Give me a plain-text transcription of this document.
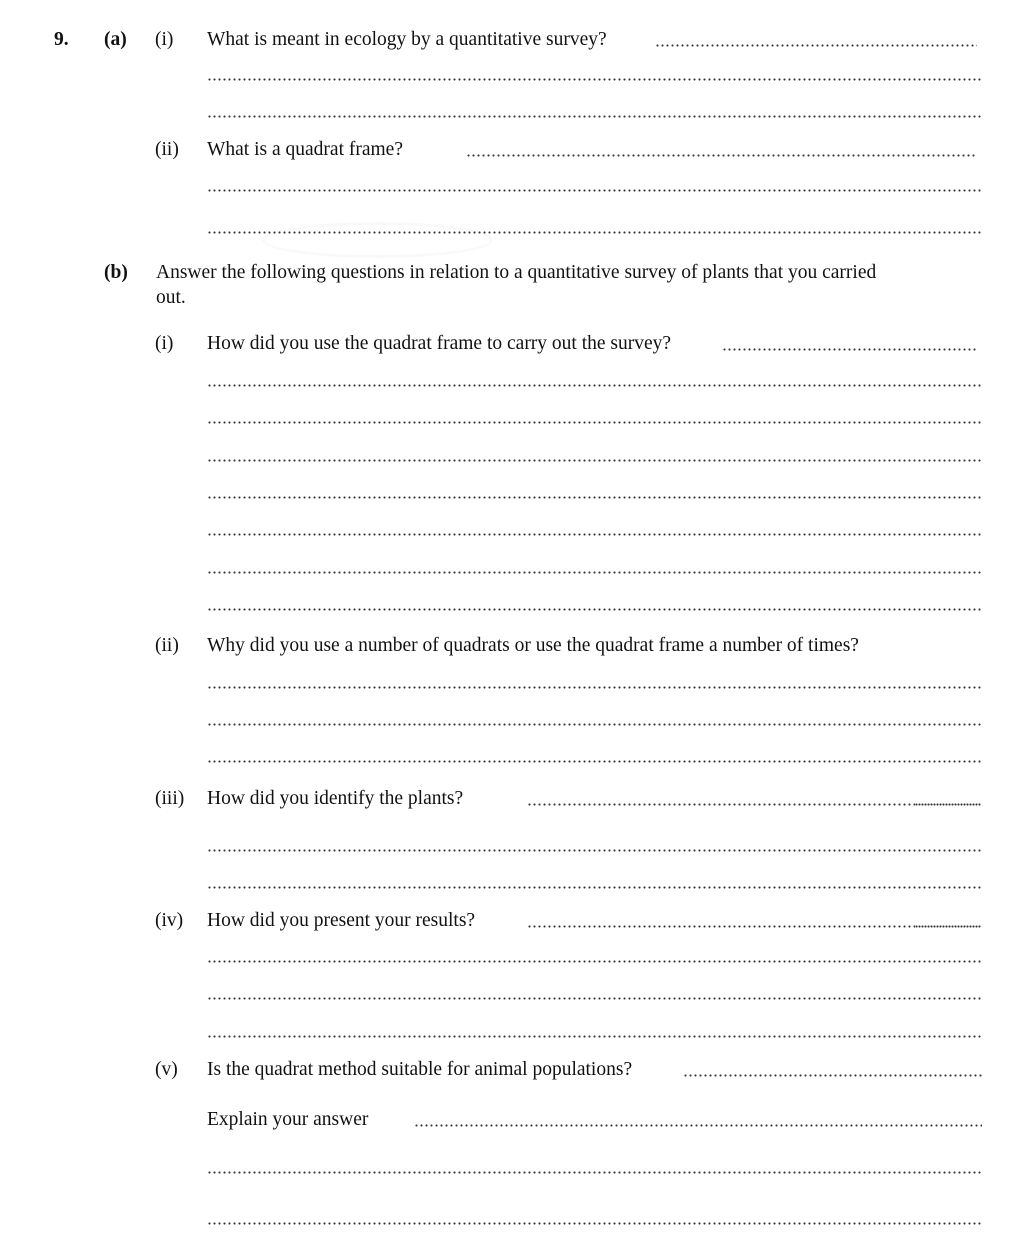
9. (a) (i) What is meant in ecology by a quantitative survey?
(ii) What is a quadrat frame?
(b) Answer the following questions in relation to a quantitative survey of plants that you carried
out.
(i) How did you use the quadrat frame to carry out the survey?
(ii) Why did you use a number of quadrats or use the quadrat frame a number of times?
(iii) How did you identify the plants?
(iv) How did you present your results?
(v) Is the quadrat method suitable for animal populations?
Explain your answer
